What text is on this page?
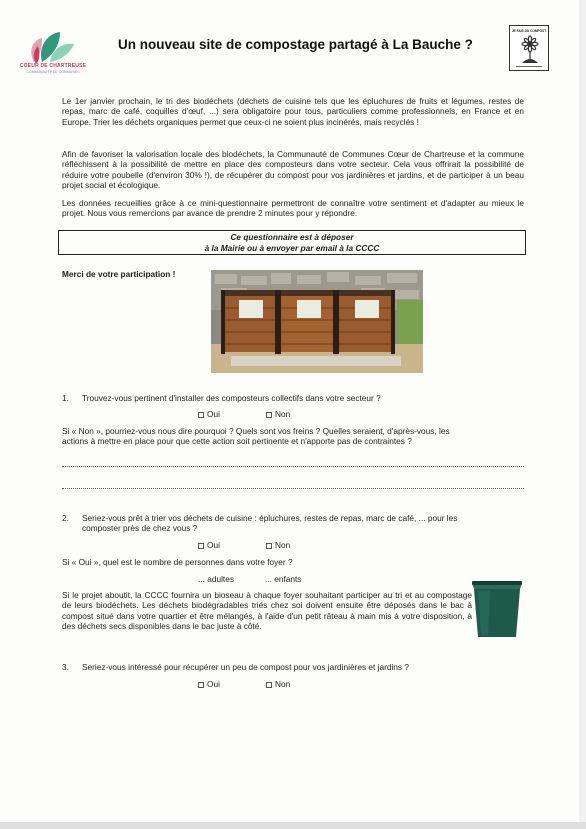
COEUR DE CHARTREUSE
COMMUNAUTÉ DE COMMUNES
Un nouveau site de compostage partagé à La Bauche ?
JE FAIS DU COMPOST
Le 1er janvier prochain, le tri des biodéchets (déchets de cuisine tels que les épluchures de fruits et légumes, restes de repas, marc de café, coquilles d'œuf, ...) sera obligatoire pour tous, particuliers comme professionnels, en France et en Europe. Trier les déchets organiques permet que ceux-ci ne soient plus incinérés, mais recyclés !
Afin de favoriser la valorisation locale des biodéchets, la Communauté de Communes Cœur de Chartreuse et la commune réfléchissent à la possibilité de mettre en place des composteurs dans votre secteur. Cela vous offrirait la possibilité de réduire votre poubelle (d'environ 30% !), de récupérer du compost pour vos jardinières et jardins, et de participer à un beau projet social et écologique.
Les données recueillies grâce à ce mini-questionnaire permettront de connaître votre sentiment et d'adapter au mieux le projet. Nous vous remercions par avance de prendre 2 minutes pour y répondre.
Ce questionnaire est à déposer
à la Mairie ou à envoyer par email à la CCCC
Merci de votre participation !
1. Trouvez-vous pertinent d'installer des composteurs collectifs dans votre secteur ?
Oui	Non
Si « Non », pourriez-vous nous dire pourquoi ? Quels sont vos freins ? Quelles seraient, d'après-vous, les
actions à mettre en place pour que cette action soit pertinente et n'apporte pas de contraintes ?
2. Seriez-vous prêt à trier vos déchets de cuisine : épluchures, restes de repas, marc de café, ... pour les
composter près de chez vous ?
Oui	Non
Si « Oui », quel est le nombre de personnes dans votre foyer ?
... adultes	... enfants
Si le projet aboutit, la CCCC fournira un bioseau à chaque foyer souhaitant participer au tri et au compostage de leurs biodéchets. Les déchets biodégradables triés chez soi doivent ensuite être déposés dans le bac à compost situé dans votre quartier et être mélangés, à l'aide d'un petit râteau à main mis à votre disposition, à des déchets secs disponibles dans le bac juste à côté.
3. Seriez-vous intéressé pour récupérer un peu de compost pour vos jardinières et jardins ?
Oui	Non
